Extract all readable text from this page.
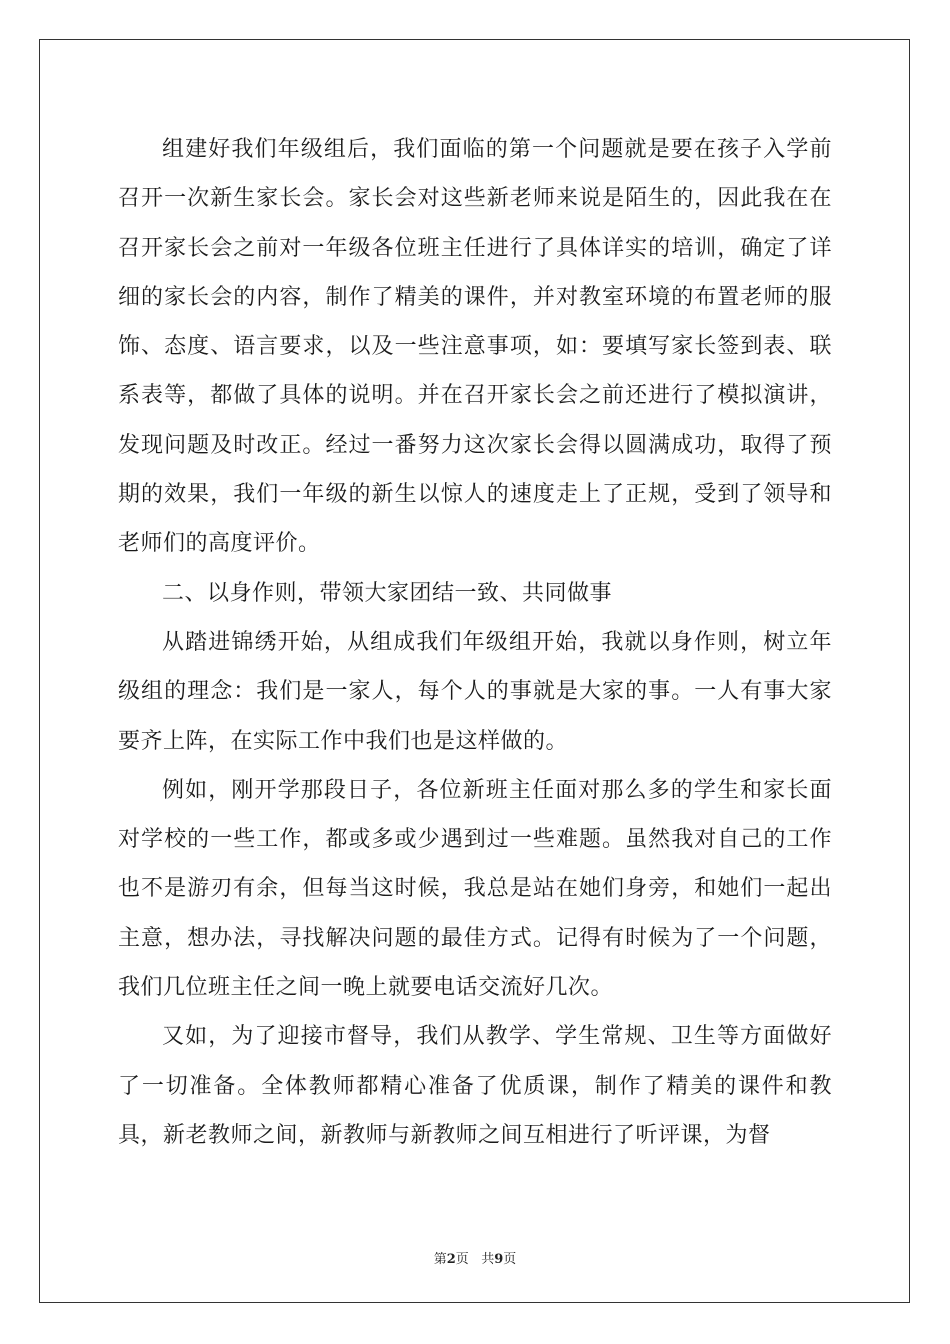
组建好我们年级组后，我们面临的第一个问题就是要在孩子入学前召开一次新生家长会。家长会对这些新老师来说是陌生的，因此我在在召开家长会之前对一年级各位班主任进行了具体详实的培训，确定了详细的家长会的内容，制作了精美的课件，并对教室环境的布置老师的服饰、态度、语言要求，以及一些注意事项，如：要填写家长签到表、联系表等，都做了具体的说明。并在召开家长会之前还进行了模拟演讲，发现问题及时改正。经过一番努力这次家长会得以圆满成功，取得了预期的效果，我们一年级的新生以惊人的速度走上了正规，受到了领导和老师们的高度评价。

二、以身作则，带领大家团结一致、共同做事

从踏进锦绣开始，从组成我们年级组开始，我就以身作则，树立年级组的理念：我们是一家人，每个人的事就是大家的事。一人有事大家要齐上阵，在实际工作中我们也是这样做的。

例如，刚开学那段日子，各位新班主任面对那么多的学生和家长面对学校的一些工作，都或多或少遇到过一些难题。虽然我对自己的工作也不是游刃有余，但每当这时候，我总是站在她们身旁，和她们一起出主意，想办法，寻找解决问题的最佳方式。记得有时候为了一个问题，我们几位班主任之间一晚上就要电话交流好几次。

又如，为了迎接市督导，我们从教学、学生常规、卫生等方面做好了一切准备。全体教师都精心准备了优质课，制作了精美的课件和教具，新老教师之间，新教师与新教师之间互相进行了听评课，为督

第2页 共9页
